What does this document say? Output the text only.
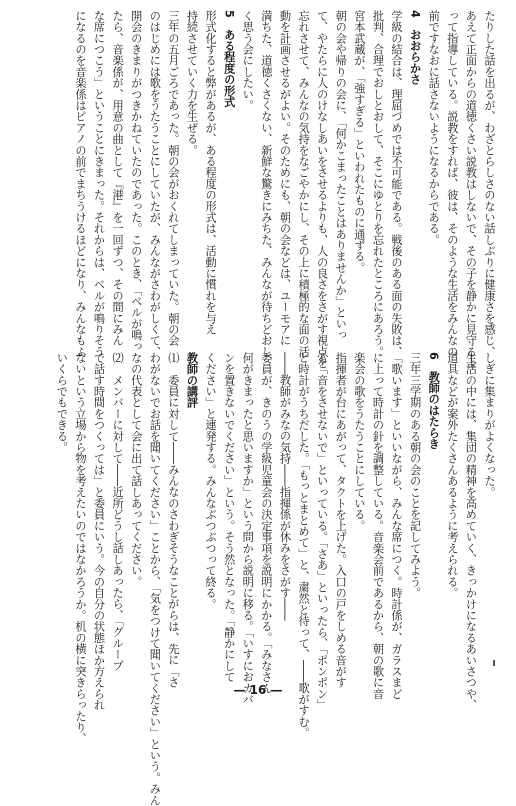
たりした話を出るが、わざとらしさのない話しぶりに健康さを感じ、
あえて正面からの道徳くさい説教はしないで、その子を静かに見守るよ
って指導している。説教をすれば、彼は、そのような生活をみんなの
前ですなおに話さないようになるからである。
4　おおらかさ
学級の結合は、理屈づめでは不可能である。戦後のある面の失敗は、
批判、合理でおしとおして、そこにゆとりを忘れたところにあろう。
宮本武蔵が、「強すぎる」といわれたものに通ずる。
朝の会や帰りの会に、「何かこまったことはありませんか」といっ
て、やたらに人のけなしあいをさせるよりも、人の良さをさがす視点を
忘れさせて、みんなの気持をなごやかにし、その上に積極的な面の活
動を計画させるがよい。そのためにも、朝の会などは、ユーモアに
満ちた、道徳くさくない、新鮮な驚きにみちた、みんなが待ちどおし
く思う会にしたい。
5　ある程度の形式
形式化すると弊があるが、ある程度の形式は、活動に慣れを与え
持続させていく力を生ぜる。
三年の五月ごろであった。朝の会がおくれてしまっていた。朝の会
のはじめには歌をうたうことにしていたが、みんながさわがしくて、
開会のきまりがつきかねていたのであった。このとき、「ベルが鳴っ
たら、音楽係が、用意の曲として『港』を一回ずつ、その間にみん
な席につこう」ということにきまった。それからは、ベルが鳴りそう
になるのを音楽係はピアノの前でまちうけるほどになり、みんなもふ
しぎに集まりがよくなった。
生活の中には、集団の精神を高めていく、きっかけになるあいさつや、
道具などが案外たくさんあるように考えられる。
6　教師のはたらき
三年三学期のある朝の会のことを記してみよう。
「歌います」といいながら、みんな席につく。時計係が、ガラスまど
に上って時計の針を調整している。音楽会前であるから、朝の歌に音
楽会の歌をうたうことにしている。
指揮者が台にあがって、タクトを上げた。入口の戸をしめる音がす
る「音をさせないで」といっている。「さあ」といったら、「ポンポン」
と時計がうちだした。「もっとまとめて」と、粛然と待って、――歌がすむ。
――教師がみなの気持――指揮係が休みをさがす――
委員が、きのうの学級児童会の決定事項を説明にかかる。「みなさん
何がきまったと思いますか」という問から説明に移る。「いすにおカバ
ンを置きないでください」という。そう然となった。「静かにして
ください」と連発する。みんなぶつぶつって終る。
教師の講評
⑴　委員に対して――みんなのさわぎそうなことがらは、先に「さ
わがないでお話を聞いてください」ことから、「気をつけて聞いてください」という。みん
なの代表として会に出て話しあってください。
⑵　メンバーに対して――近所どうし話しあったら、「グループ
で話す時間をつくっては」と委員にいう。今の自分の状態ほか方えられ
ないという立場から物を考えたいのではなかろうか。机の横に突きらったり、
いくらでもできる。
— 16 —
